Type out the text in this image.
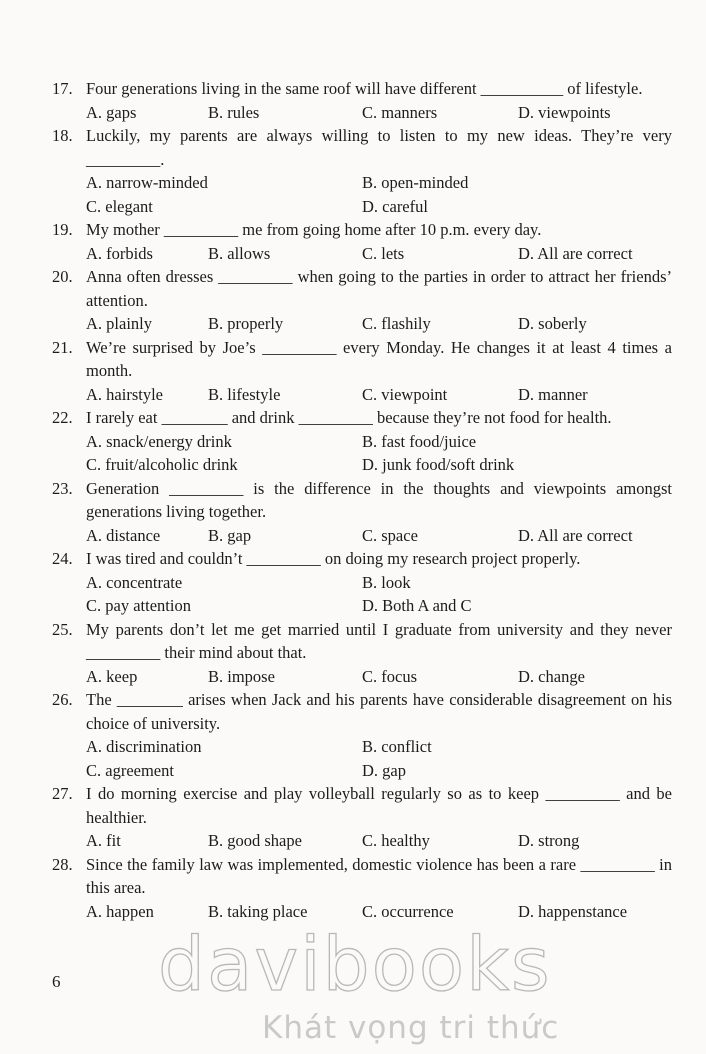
17. Four generations living in the same roof will have different __________ of lifestyle.
A. gaps	B. rules	C. manners	D. viewpoints
18. Luckily, my parents are always willing to listen to my new ideas. They’re very _________.
A. narrow-minded	B. open-minded
C. elegant	D. careful
19. My mother _________ me from going home after 10 p.m. every day.
A. forbids	B. allows	C. lets	D. All are correct
20. Anna often dresses _________ when going to the parties in order to attract her friends’ attention.
A. plainly	B. properly	C. flashily	D. soberly
21. We’re surprised by Joe’s _________ every Monday. He changes it at least 4 times a month.
A. hairstyle	B. lifestyle	C. viewpoint	D. manner
22. I rarely eat ________ and drink _________ because they’re not food for health.
A. snack/energy drink	B. fast food/juice
C. fruit/alcoholic drink	D. junk food/soft drink
23. Generation _________ is the difference in the thoughts and viewpoints amongst generations living together.
A. distance	B. gap	C. space	D. All are correct
24. I was tired and couldn’t _________ on doing my research project properly.
A. concentrate	B. look
C. pay attention	D. Both A and C
25. My parents don’t let me get married until I graduate from university and they never _________ their mind about that.
A. keep	B. impose	C. focus	D. change
26. The ________ arises when Jack and his parents have considerable disagreement on his choice of university.
A. discrimination	B. conflict
C. agreement	D. gap
27. I do morning exercise and play volleyball regularly so as to keep _________ and be healthier.
A. fit	B. good shape	C. healthy	D. strong
28. Since the family law was implemented, domestic violence has been a rare _________ in this area.
A. happen	B. taking place	C. occurrence	D. happenstance
6 davibooks
Khát vọng tri thức
